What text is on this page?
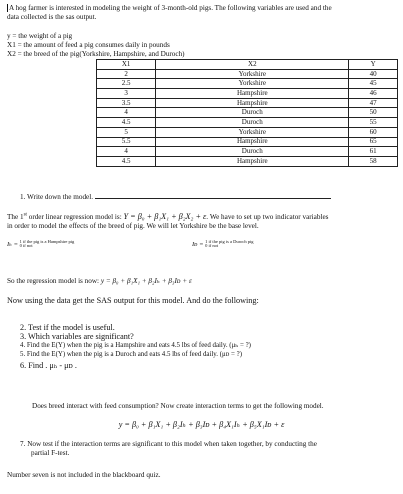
A hog farmer is interested in modeling the weight of 3-month-old pigs. The following variables are used and the
data collected is the sas output.

y = the weight of a pig
X1 = the amount of feed a pig consumes daily in pounds
X2 = the breed of the pig(Yorkshire, Hampshire, and Duroch)

X1	X2	Y
2	Yorkshire	40
2.5	Yorkshire	45
3	Hampshire	46
3.5	Hampshire	47
4	Duroch	50
4.5	Duroch	55
5	Yorkshire	60
5.5	Hampshire	65
4	Duroch	61
4.5	Hampshire	58

1. Write down the model.

The 1st order linear regression model is: Y = β₀ + β₁X₁ + β₂X₂ + ε. We have to set up two indicator variables
in order to model the effects of the breed of pig. We will let Yorkshire be the base level.

Iₕ = 1 if the pig is a Hampshire pig
0 if not	Iᴅ = 1 if the pig is a Duroch pig
0 if not

So the regression model is now: y = β₀ + β₁X₁ + β₂Iₕ + β₃Iᴅ + ε

Now using the data get the SAS output for this model. And do the following:

2. Test if the model is useful.
3. Which variables are significant?
4. Find the E(Y) when the pig is a Hampshire and eats 4.5 lbs of feed daily. (μₕ = ?)
5. Find the E(Y) when the pig is a Duroch and eats 4.5 lbs of feed daily. (μᴅ = ?)
6. Find . μₕ - μᴅ .

Does breed interact with feed consumption? Now create interaction terms to get the following model.

y = β₀ + β₁X₁ + β₂Iₕ + β₃Iᴅ + β₄X₁Iₕ + β₅X₁Iᴅ + ε

7. Now test if the interaction terms are significant to this model when taken together, by conducting the
partial F-test.

Number seven is not included in the blackboard quiz.
